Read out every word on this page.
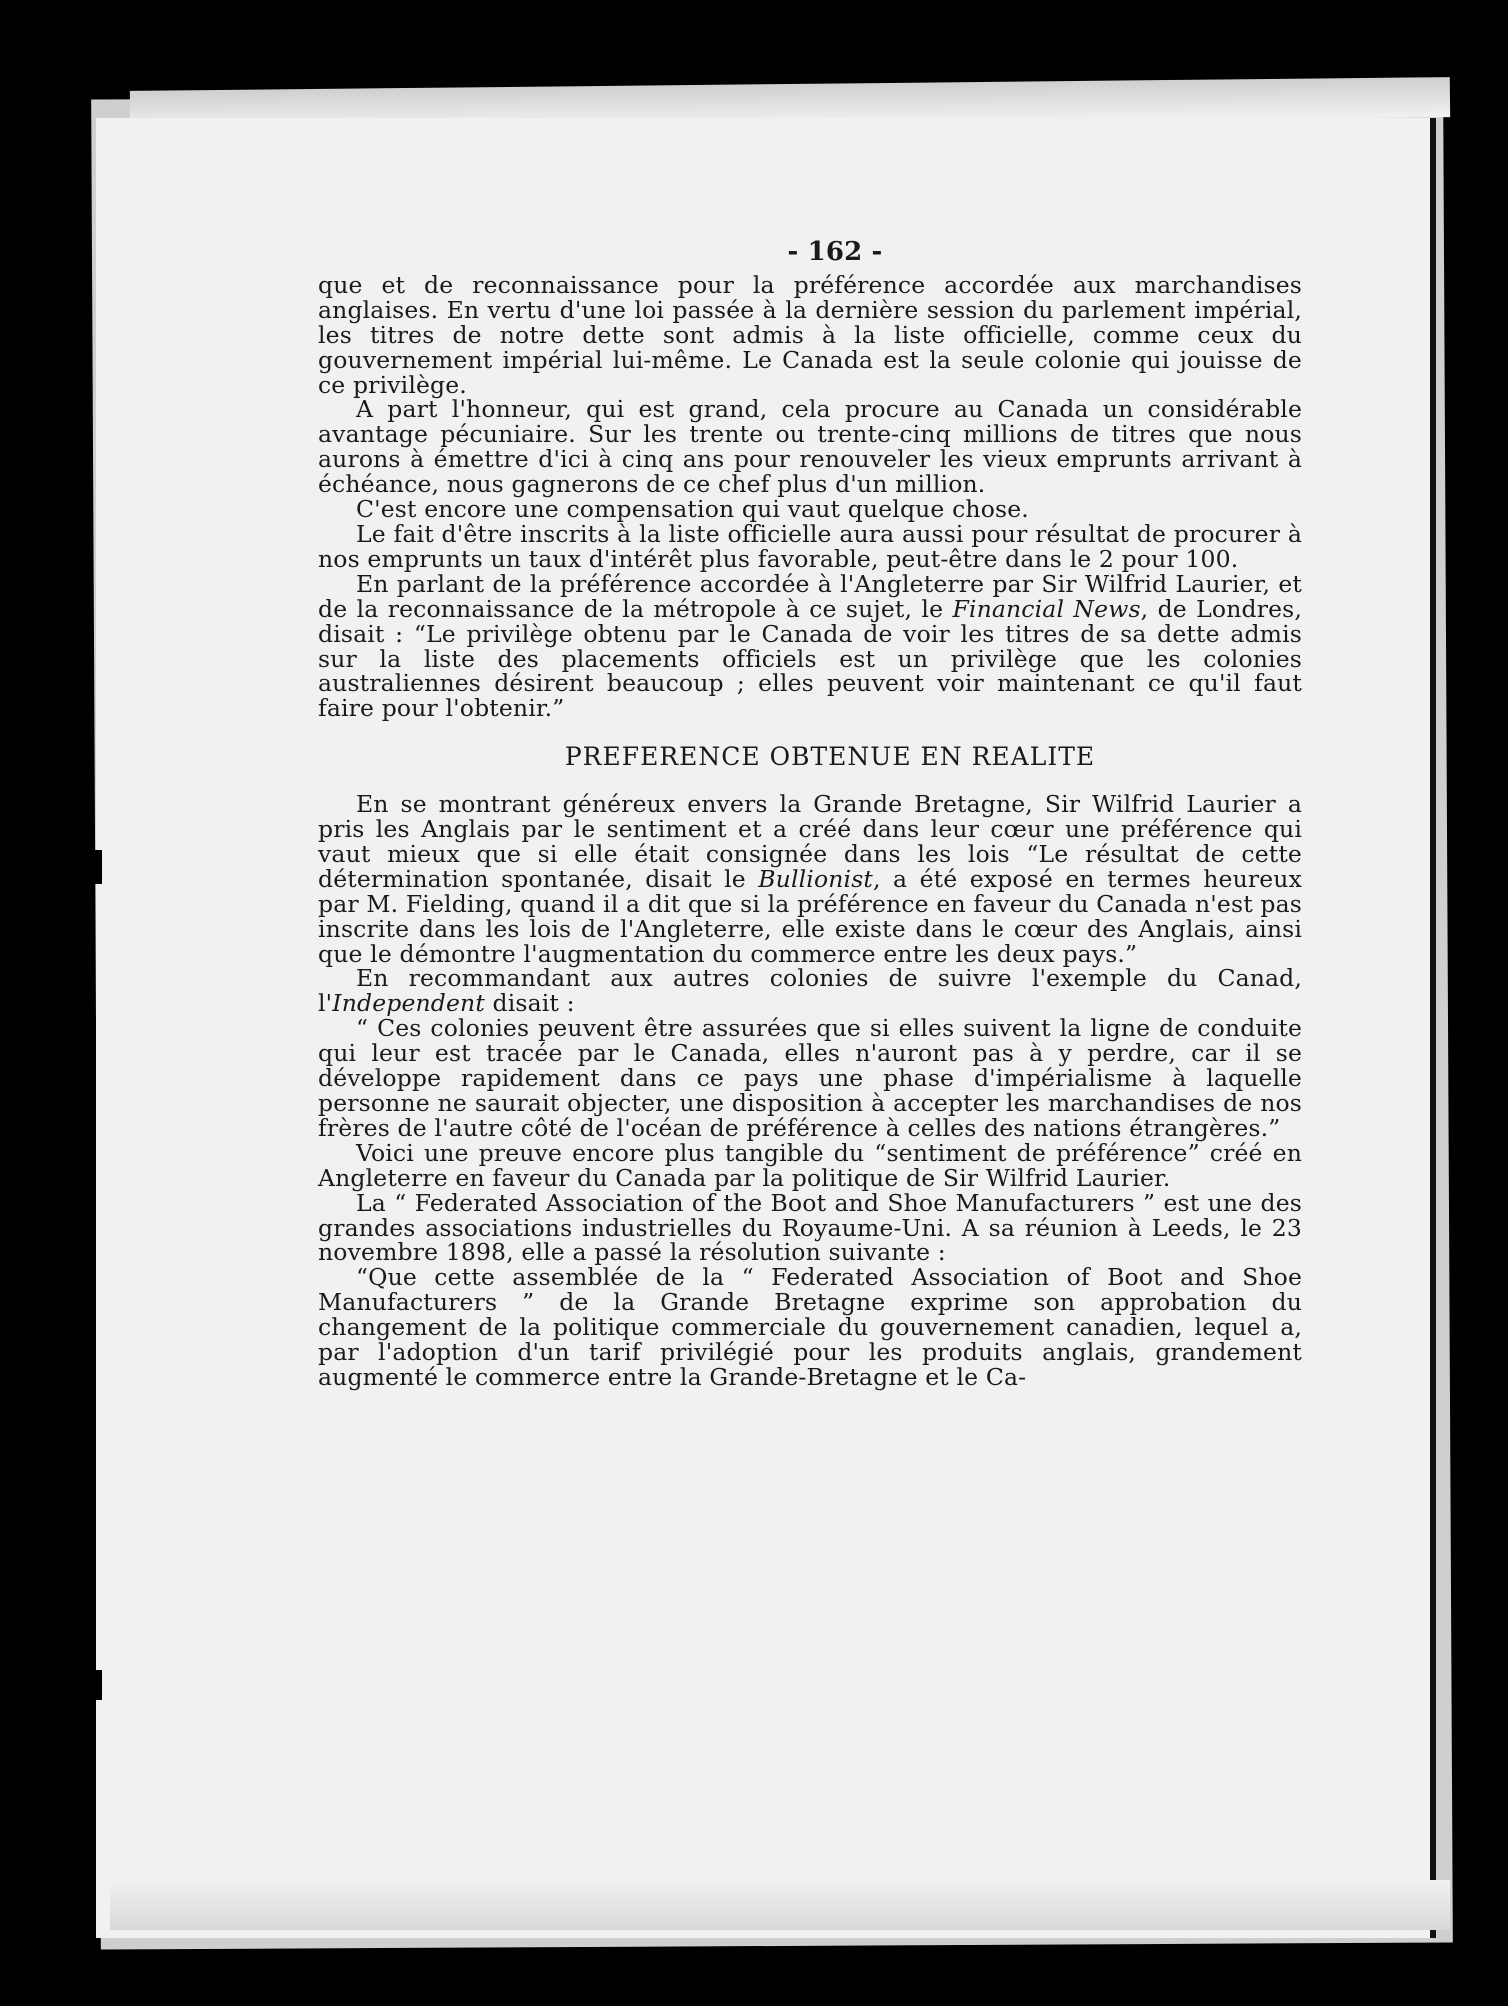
- 162 -

que et de reconnaissance pour la préférence accordée aux marchandises anglaises. En vertu d'une loi passée à la dernière session du parlement impérial, les titres de notre dette sont admis à la liste officielle, comme ceux du gouvernement impérial lui-même. Le Canada est la seule colonie qui jouisse de ce privilège.

A part l'honneur, qui est grand, cela procure au Canada un considérable avantage pécuniaire. Sur les trente ou trente-cinq millions de titres que nous aurons à émettre d'ici à cinq ans pour renouveler les vieux emprunts arrivant à échéance, nous gagnerons de ce chef plus d'un million.

C'est encore une compensation qui vaut quelque chose.

Le fait d'être inscrits à la liste officielle aura aussi pour résultat de procurer à nos emprunts un taux d'intérêt plus favorable, peut-être dans le 2 pour 100.

En parlant de la préférence accordée à l'Angleterre par Sir Wilfrid Laurier, et de la reconnaissance de la métropole à ce sujet, le Financial News, de Londres, disait : “Le privilège obtenu par le Canada de voir les titres de sa dette admis sur la liste des placements officiels est un privilège que les colonies australiennes désirent beaucoup ; elles peuvent voir maintenant ce qu'il faut faire pour l'obtenir.”

PREFERENCE OBTENUE EN REALITE

En se montrant généreux envers la Grande Bretagne, Sir Wilfrid Laurier a pris les Anglais par le sentiment et a créé dans leur cœur une préférence qui vaut mieux que si elle était consignée dans les lois “Le résultat de cette détermination spontanée, disait le Bullionist, a été exposé en termes heureux par M. Fielding, quand il a dit que si la préférence en faveur du Canada n'est pas inscrite dans les lois de l'Angleterre, elle existe dans le cœur des Anglais, ainsi que le démontre l'augmentation du commerce entre les deux pays.”

En recommandant aux autres colonies de suivre l'exemple du Canad, l'Independent disait :

“ Ces colonies peuvent être assurées que si elles suivent la ligne de conduite qui leur est tracée par le Canada, elles n'auront pas à y perdre, car il se développe rapidement dans ce pays une phase d'impérialisme à laquelle personne ne saurait objecter, une disposition à accepter les marchandises de nos frères de l'autre côté de l'océan de préférence à celles des nations étrangères.”

Voici une preuve encore plus tangible du “sentiment de préférence” créé en Angleterre en faveur du Canada par la politique de Sir Wilfrid Laurier.

La “ Federated Association of the Boot and Shoe Manufacturers ” est une des grandes associations industrielles du Royaume-Uni. A sa réunion à Leeds, le 23 novembre 1898, elle a passé la résolution suivante :

“Que cette assemblée de la “ Federated Association of Boot and Shoe Manufacturers ” de la Grande Bretagne exprime son approbation du changement de la politique commerciale du gouvernement canadien, lequel a, par l'adoption d'un tarif privilégié pour les produits anglais, grandement augmenté le commerce entre la Grande-Bretagne et le Ca-
